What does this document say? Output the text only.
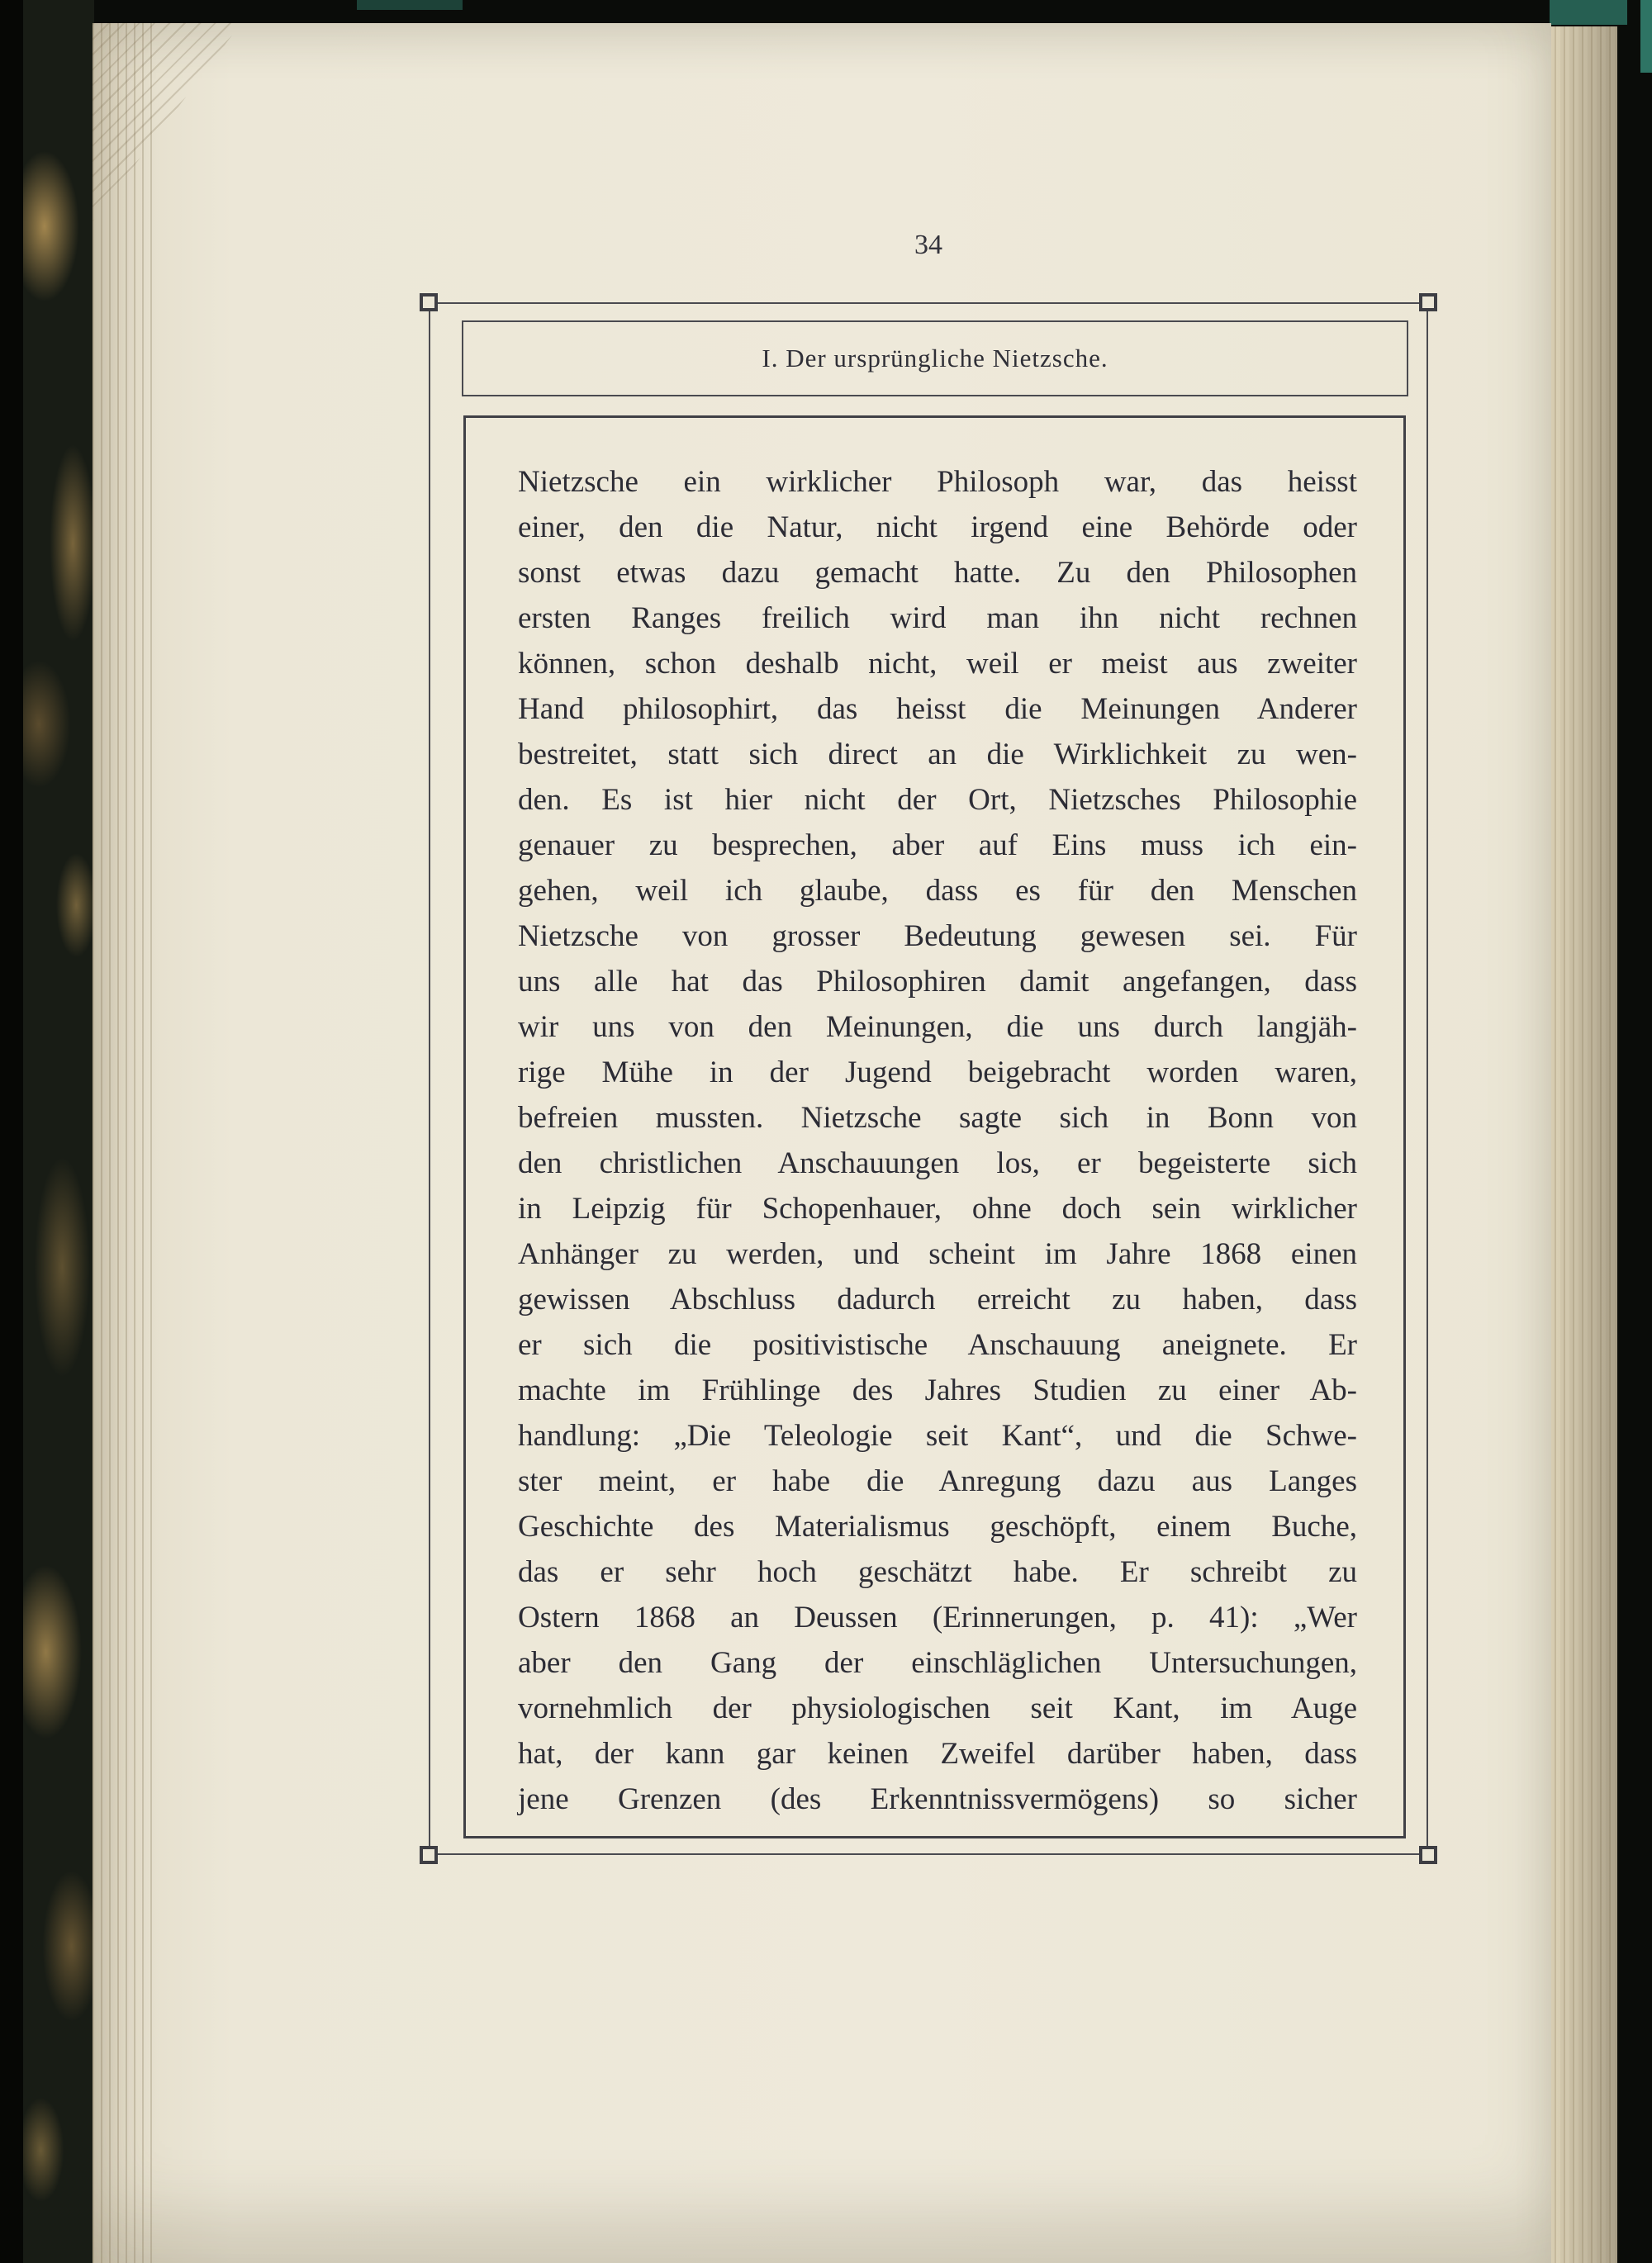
34
I. Der ursprüngliche Nietzsche.
Nietzsche ein wirklicher Philosoph war, das heisst
einer, den die Natur, nicht irgend eine Behörde oder
sonst etwas dazu gemacht hatte. Zu den Philosophen
ersten Ranges freilich wird man ihn nicht rechnen
können, schon deshalb nicht, weil er meist aus zweiter
Hand philosophirt, das heisst die Meinungen Anderer
bestreitet, statt sich direct an die Wirklichkeit zu wen-
den. Es ist hier nicht der Ort, Nietzsches Philosophie
genauer zu besprechen, aber auf Eins muss ich ein-
gehen, weil ich glaube, dass es für den Menschen
Nietzsche von grosser Bedeutung gewesen sei. Für
uns alle hat das Philosophiren damit angefangen, dass
wir uns von den Meinungen, die uns durch langjäh-
rige Mühe in der Jugend beigebracht worden waren,
befreien mussten. Nietzsche sagte sich in Bonn von
den christlichen Anschauungen los, er begeisterte sich
in Leipzig für Schopenhauer, ohne doch sein wirklicher
Anhänger zu werden, und scheint im Jahre 1868 einen
gewissen Abschluss dadurch erreicht zu haben, dass
er sich die positivistische Anschauung aneignete. Er
machte im Frühlinge des Jahres Studien zu einer Ab-
handlung: „Die Teleologie seit Kant“, und die Schwe-
ster meint, er habe die Anregung dazu aus Langes
Geschichte des Materialismus geschöpft, einem Buche,
das er sehr hoch geschätzt habe. Er schreibt zu
Ostern 1868 an Deussen (Erinnerungen, p. 41): „Wer
aber den Gang der einschläglichen Untersuchungen,
vornehmlich der physiologischen seit Kant, im Auge
hat, der kann gar keinen Zweifel darüber haben, dass
jene Grenzen (des Erkenntnissvermögens) so sicher
